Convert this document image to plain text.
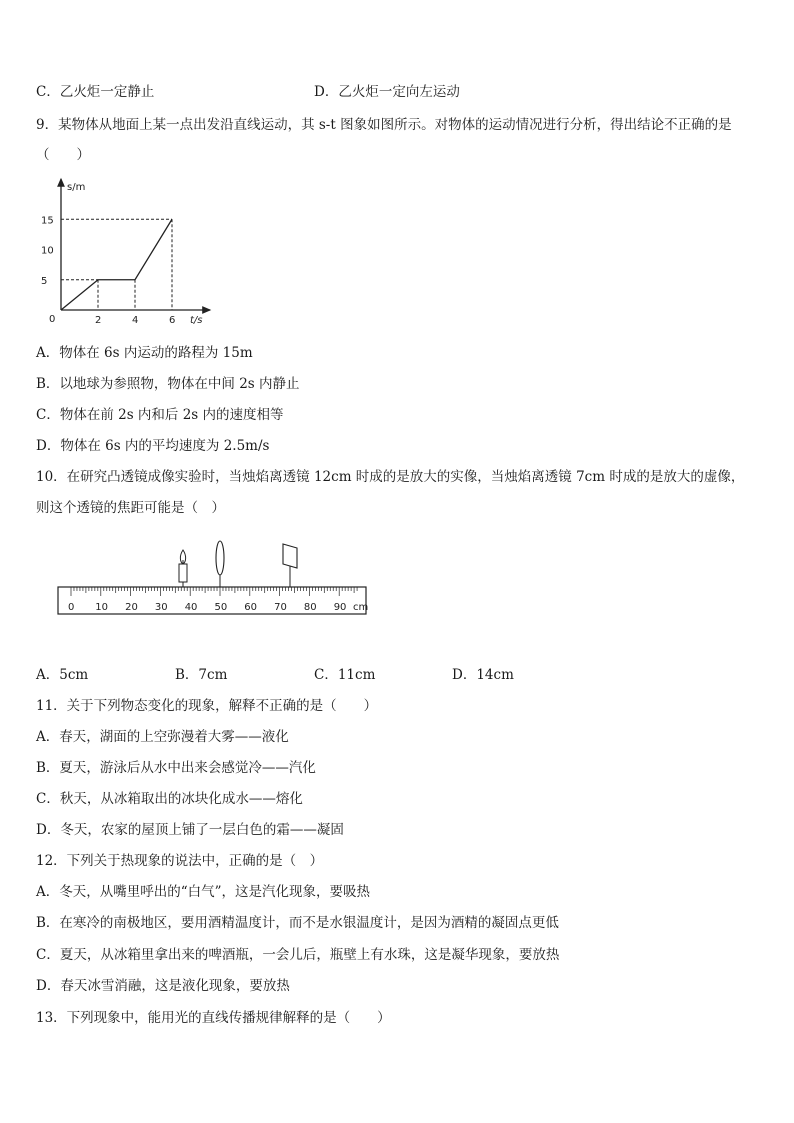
C．乙火炬一定静止	D．乙火炬一定向左运动
9．某物体从地面上某一点出发沿直线运动，其 s-t 图象如图所示。对物体的运动情况进行分析，得出结论不正确的是
（　　）
2	4	6
5
10
15
s/m
t/s
0
A．物体在 6s 内运动的路程为 15m
B．以地球为参照物，物体在中间 2s 内静止
C．物体在前 2s 内和后 2s 内的速度相等
D．物体在 6s 内的平均速度为 2.5m/s
10．在研究凸透镜成像实验时，当烛焰离透镜 12cm 时成的是放大的实像，当烛焰离透镜 7cm 时成的是放大的虚像，
则这个透镜的焦距可能是（　）
0 10 20 30 40 50 60 70 80 90 cm
A．5cm	B．7cm	C．11cm	D．14cm
11．关于下列物态变化的现象，解释不正确的是（　　）
A．春天，湖面的上空弥漫着大雾——液化
B．夏天，游泳后从水中出来会感觉冷——汽化
C．秋天，从冰箱取出的冰块化成水——熔化
D．冬天，农家的屋顶上铺了一层白色的霜——凝固
12．下列关于热现象的说法中，正确的是（　）
A．冬天，从嘴里呼出的“白气”，这是汽化现象，要吸热
B．在寒冷的南极地区，要用酒精温度计，而不是水银温度计，是因为酒精的凝固点更低
C．夏天，从冰箱里拿出来的啤酒瓶，一会儿后，瓶壁上有水珠，这是凝华现象，要放热
D．春天冰雪消融，这是液化现象，要放热
13．下列现象中，能用光的直线传播规律解释的是（　　）
